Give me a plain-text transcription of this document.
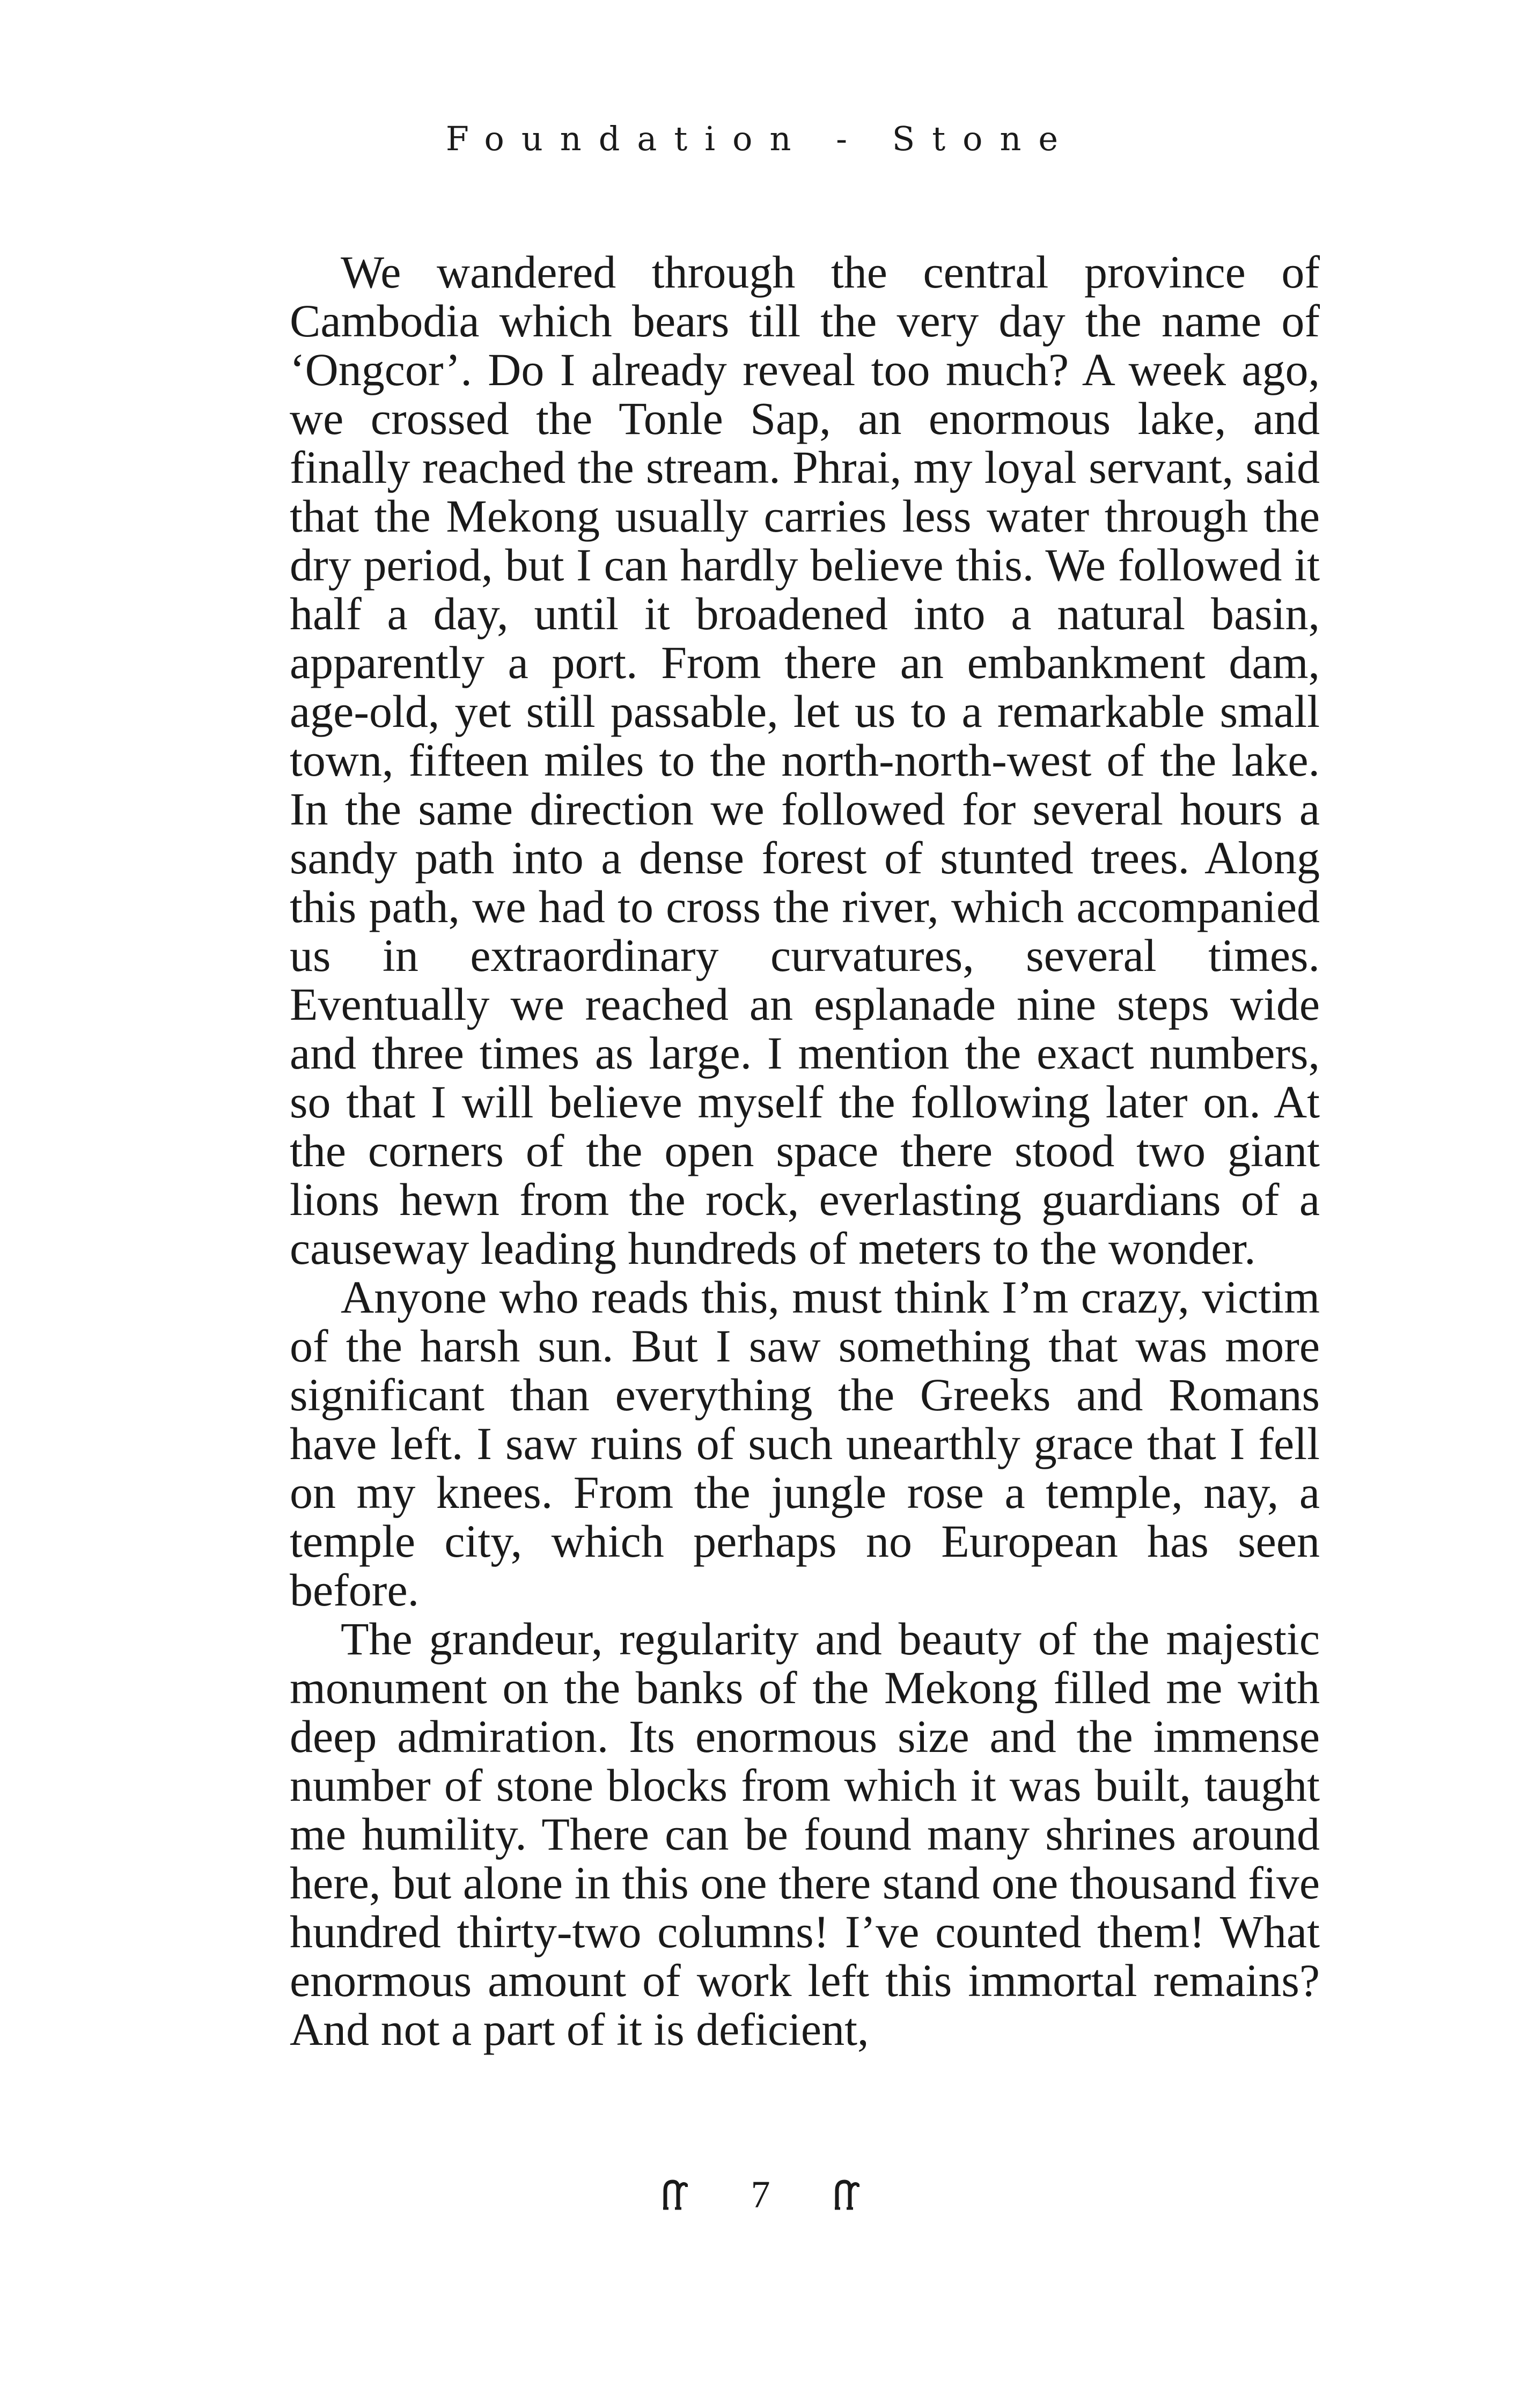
Foundation - Stone

We wandered through the central province of Cambodia which bears till the very day the name of ‘Ongcor’. Do I already reveal too much? A week ago, we crossed the Tonle Sap, an enormous lake, and finally reached the stream. Phrai, my loyal servant, said that the Mekong usually carries less water through the dry period, but I can hardly believe this. We followed it half a day, until it broadened into a natural basin, apparently a port. From there an embankment dam, age-old, yet still passable, let us to a remarkable small town, fifteen miles to the north-north-west of the lake. In the same direction we followed for several hours a sandy path into a dense forest of stunted trees. Along this path, we had to cross the river, which accompanied us in extraordinary curvatures, several times. Eventually we reached an esplanade nine steps wide and three times as large. I mention the exact numbers, so that I will believe myself the following later on. At the corners of the open space there stood two giant lions hewn from the rock, everlasting guardians of a causeway leading hundreds of meters to the wonder.

Anyone who reads this, must think I’m crazy, victim of the harsh sun. But I saw something that was more significant than everything the Greeks and Romans have left. I saw ruins of such unearthly grace that I fell on my knees. From the jungle rose a temple, nay, a temple city, which perhaps no European has seen before.

The grandeur, regularity and beauty of the majestic monument on the banks of the Mekong filled me with deep admiration. Its enormous size and the immense number of stone blocks from which it was built, taught me humility. There can be found many shrines around here, but alone in this one there stand one thousand five hundred thirty-two columns! I’ve counted them! What enormous amount of work left this immortal remains? And not a part of it is deficient,

7
